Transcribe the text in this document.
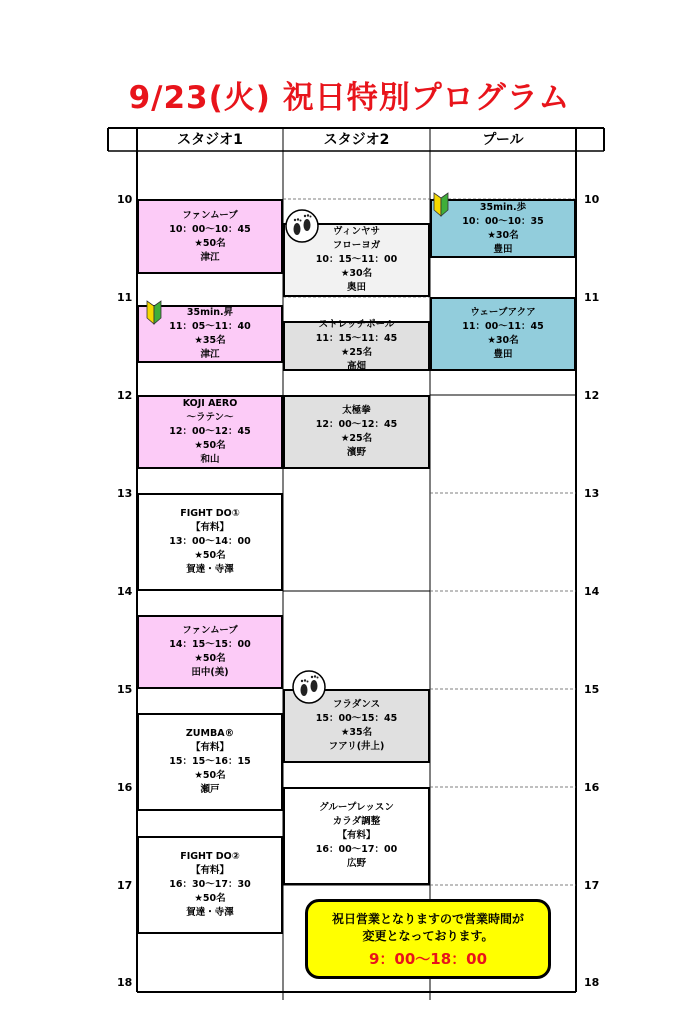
9/23(火) 祝日特別プログラム
スタジオ1	スタジオ2	プール
10
11
12
13
14
15
16
17
18
10
11
12
13
14
15
16
17
18
ファンムーブ
10：00～10：45
★50名
津江
35min.昇
11：05～11：40
★35名
津江
KOJI AERO
～ラテン～
12：00～12：45
★50名
和山
FIGHT DO①
【有料】
13：00～14：00
★50名
賀達・寺澤
ファンムーブ
14：15～15：00
★50名
田中(美)
ZUMBA®
【有料】
15：15～16：15
★50名
瀬戸
FIGHT DO②
【有料】
16：30～17：30
★50名
賀達・寺澤
ヴィンヤサ
フローヨガ
10：15～11：00
★30名
奥田
ストレッチポール
11：15～11：45
★25名
高畑
太極拳
12：00～12：45
★25名
濱野
フラダンス
15：00～15：45
★35名
フアリ(井上)
グループレッスン
カラダ調整
【有料】
16：00～17：00
広野
35min.歩
10：00～10：35
★30名
豊田
ウェーブアクア
11：00～11：45
★30名
豊田
祝日営業となりますので営業時間が
変更となっております。
9：00～18：00
